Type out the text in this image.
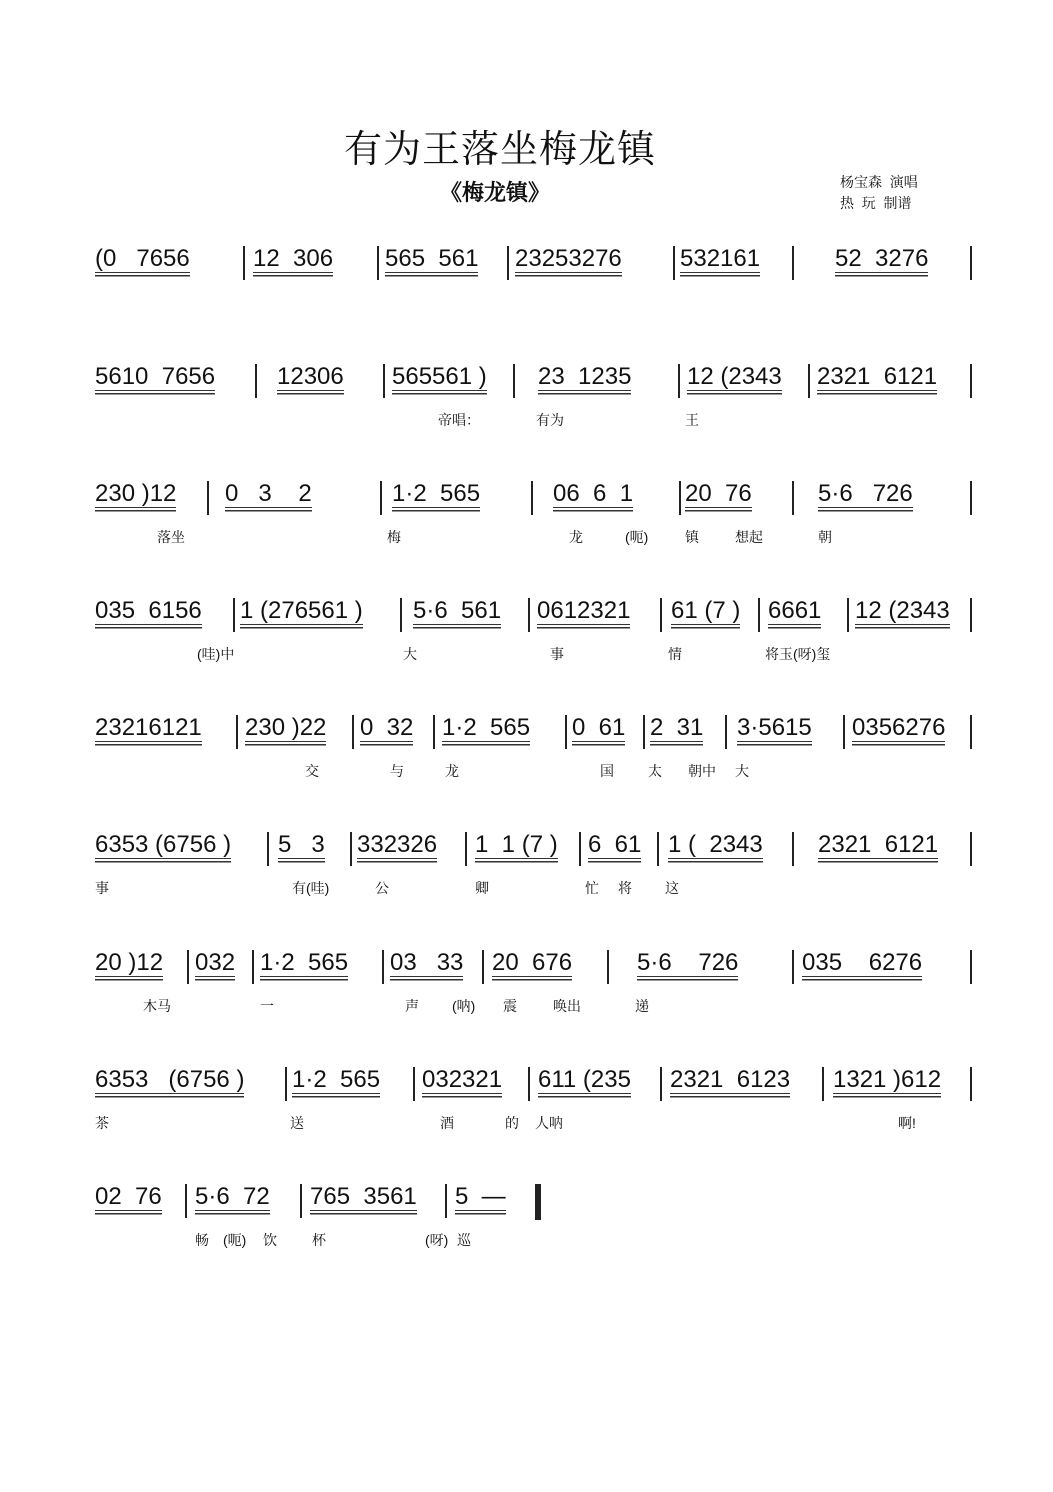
有为王落坐梅龙镇
《梅龙镇》	杨宝森  演唱
热  玩  制谱
(0   7656	12  306 565  561 23253276 532161	52  3276
5610  7656	12306 565561 ) 23  1235 12 (2343 2321  6121
帝唱：	有为	王
230 )12 0   3    2	1·2  565	06  6  1 20  76	5·6   726
落坐	梅	龙	(呃)	镇	想起	朝
035  6156 1 (276561 ) 5·6  561 0612321 61 (7 ) 6661 12 (2343
(哇)中	大	事	情	将玉(呀)玺
23216121 230 )22 0  32 1·2  565 0  61 2  31 3·5615 0356276
交	与	龙	国 太 朝中 大
6353 (6756 ) 5   3 332326 1  1 (7 ) 6  61 1 (  2343 2321  6121
事	有(哇)	公	卿	忙 将 这
20 )12 032 1·2  565 03   33 20  676	5·6    726	035    6276
木马	一	声 (呐) 震	唤出	递
6353   (6756 ) 1·2  565 032321 611 (235 2321  6123 1321 )612
茶	送	酒	的 人呐	啊!
02  76 5·6  72 765  3561 5  —
畅 (呃) 饮	杯	(呀) 巡
